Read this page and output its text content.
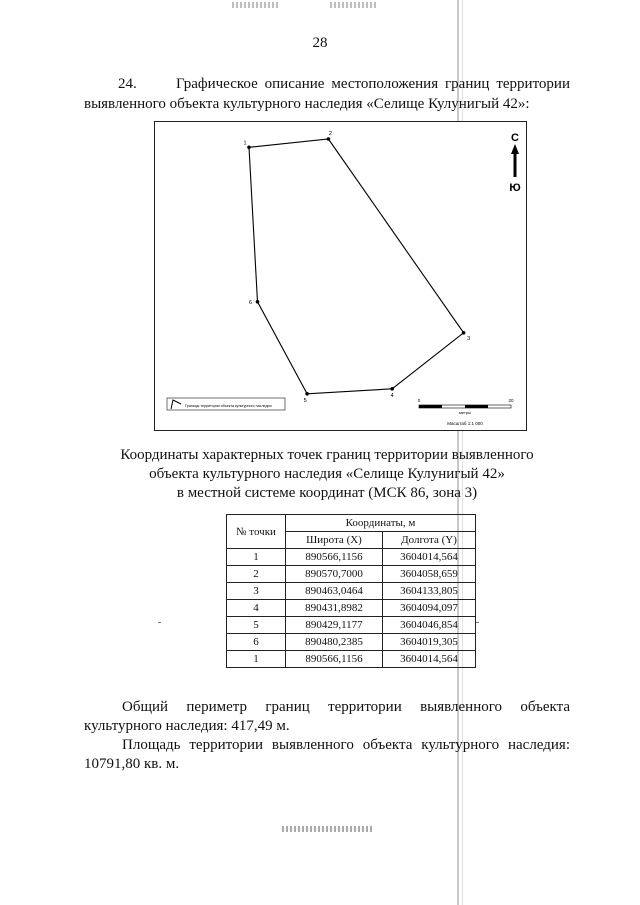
28
24.	Графическое описание местоположения границ территории выявленного объекта культурного наследия «Селище Кулунигый 42»:
1
2
3
4
5
6
С
Ю
Границы территории объекта культурного наследия
0	20
метры
Масштаб 1:1 000
Координаты характерных точек границ территории выявленного
объекта культурного наследия «Селище Кулунигый 42»
в местной системе координат (МСК 86, зона 3)
№ точки	Координаты, м	
	Широта (X)	Долгота (Y)
1	890566,1156	3604014,564
2	890570,7000	3604058,659
3	890463,0464	3604133,805
4	890431,8982	3604094,097
5	890429,1177	3604046,854
6	890480,2385	3604019,305
1	890566,1156	3604014,564
Общий периметр границ территории выявленного объекта культурного наследия: 417,49 м.
Площадь территории выявленного объекта культурного наследия: 10791,80 кв. м.
